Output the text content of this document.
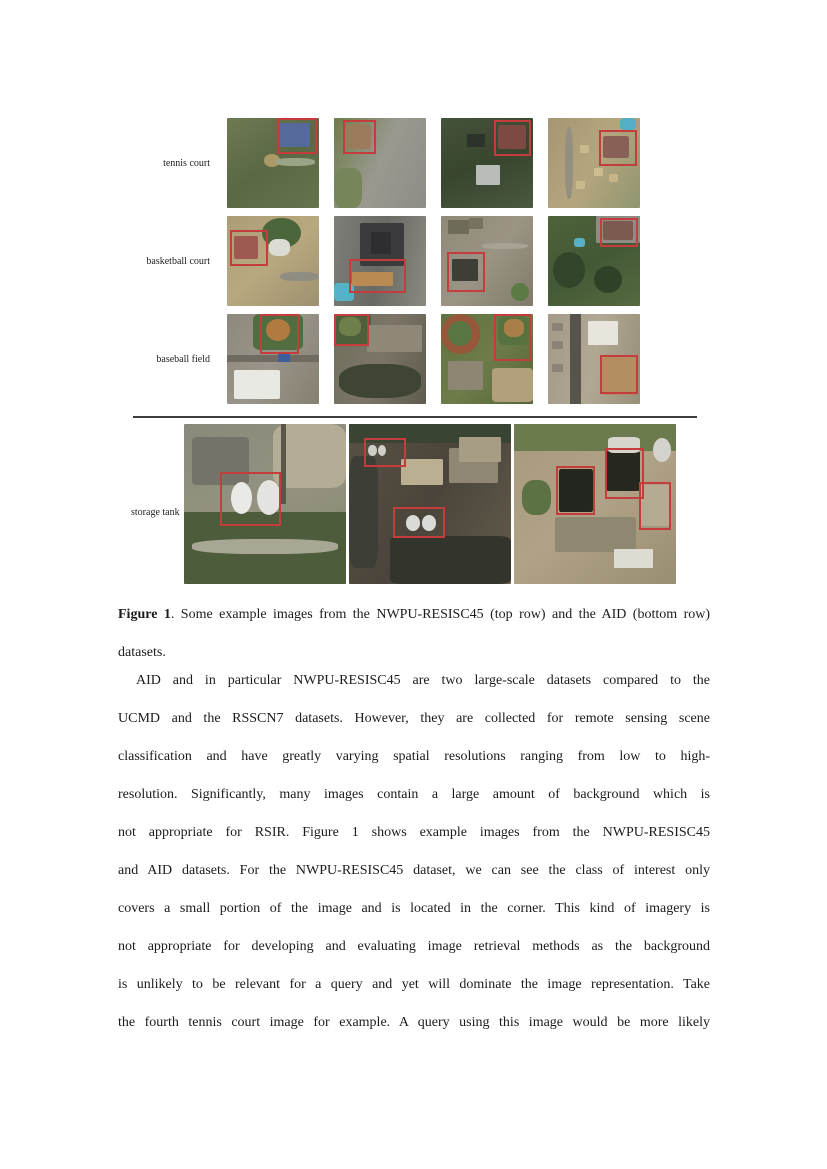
tennis court
basketball court
baseball field
storage tank
Figure 1. Some example images from the NWPU-RESISC45 (top row) and the AID (bottom row)
datasets.
AID and in particular NWPU-RESISC45 are two large-scale datasets compared to the
UCMD and the RSSCN7 datasets. However, they are collected for remote sensing scene
classification and have greatly varying spatial resolutions ranging from low to high-
resolution. Significantly, many images contain a large amount of background which is
not appropriate for RSIR. Figure 1 shows example images from the NWPU-RESISC45
and AID datasets. For the NWPU-RESISC45 dataset, we can see the class of interest only
covers a small portion of the image and is located in the corner. This kind of imagery is
not appropriate for developing and evaluating image retrieval methods as the background
is unlikely to be relevant for a query and yet will dominate the image representation. Take
the fourth tennis court image for example. A query using this image would be more likely
